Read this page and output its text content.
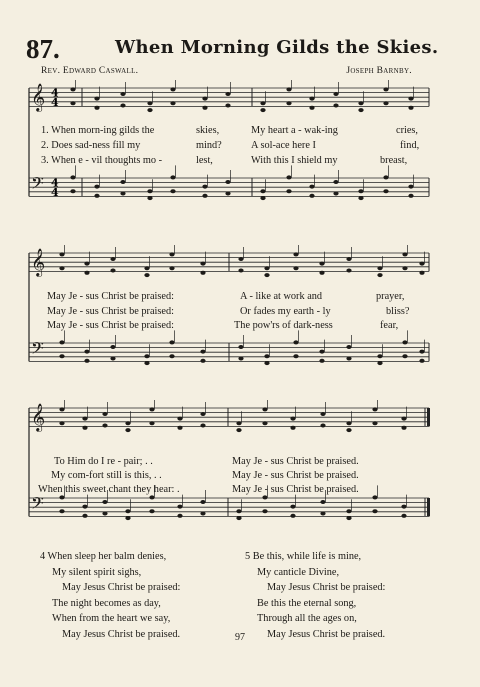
87.	When Morning Gilds the Skies.
Rev. Edward Caswall.	Joseph Barnby.
𝄞
𝄢
4
4
4
4
1. When morn-ing gilds the	skies,	My heart a - wak-ing	cries,
2. Does sad-ness fill my	mind?	A sol-ace here I	find,
3. When e - vil thoughts mo -	lest,	With this I shield my	breast,
𝄞
𝄢
May Je - sus Christ be praised:	A - like at work and	prayer,
May Je - sus Christ be praised:	Or fades my earth - ly	bliss?
May Je - sus Christ be praised:	The pow'rs of dark-ness	fear,
𝄞
𝄢
To Him do I re - pair; . .	May Je - sus Christ be praised.
My com-fort still is this, . .	May Je - sus Christ be praised.
When this sweet chant they hear: .	May Je - sus Christ be praised.
4 When sleep her balm denies,
My silent spirit sighs,
May Jesus Christ be praised:
The night becomes as day,
When from the heart we say,
May Jesus Christ be praised.
5 Be this, while life is mine,
My canticle Divine,
May Jesus Christ be praised:
Be this the eternal song,
Through all the ages on,
May Jesus Christ be praised.
97
